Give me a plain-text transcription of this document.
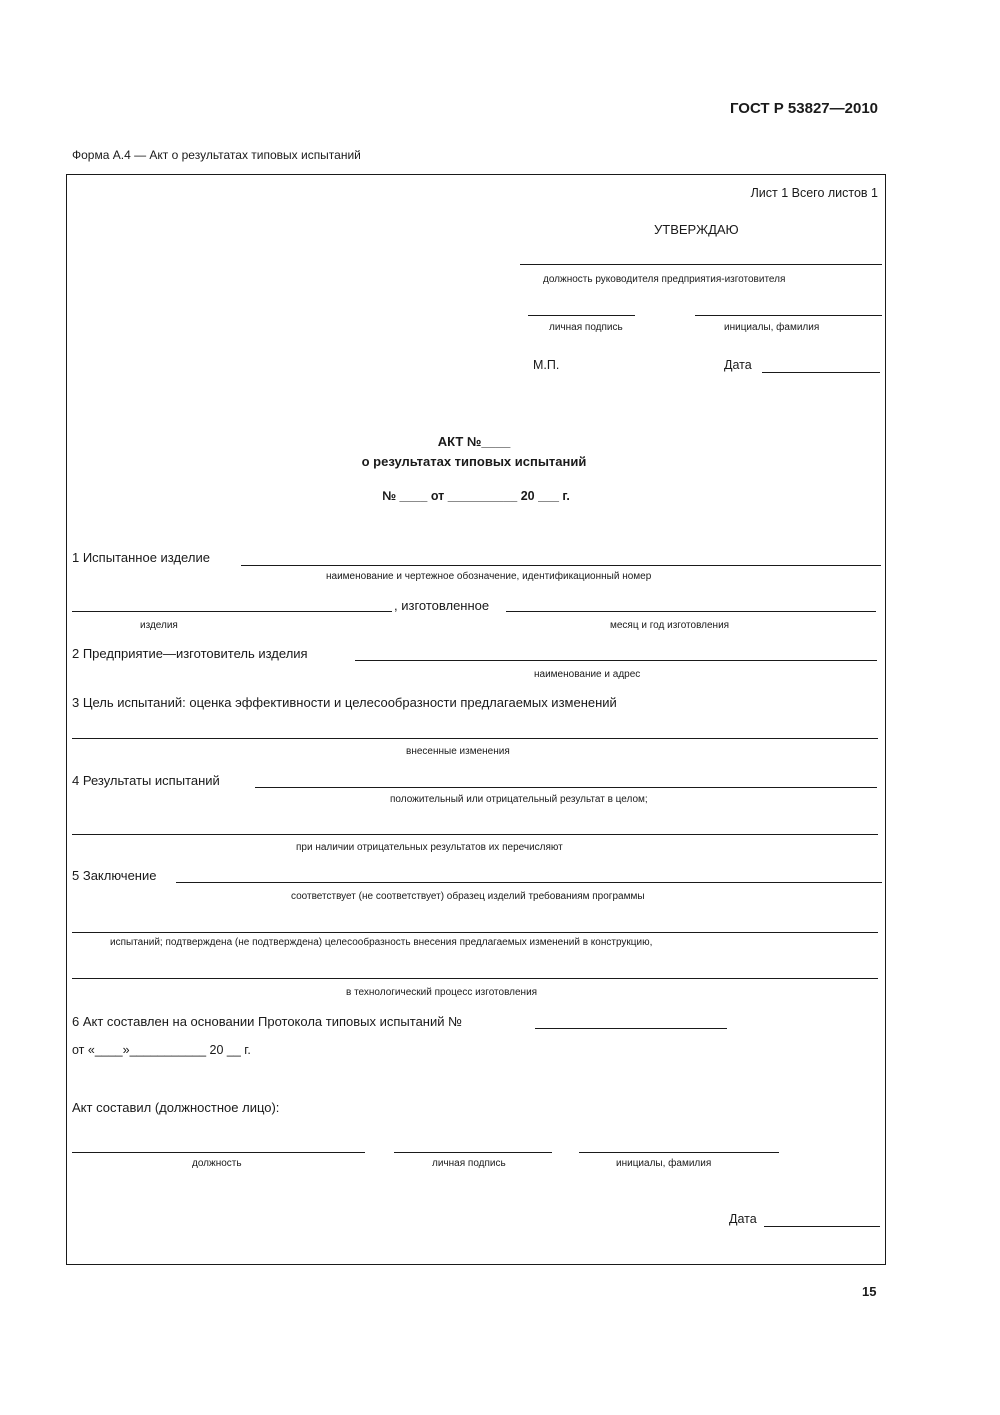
ГОСТ Р 53827—2010
Форма А.4 — Акт о результатах типовых испытаний
Лист 1 Всего листов 1
УТВЕРЖДАЮ
должность руководителя предприятия-изготовителя
личная подпись	инициалы, фамилия
М.П.	Дата
АКТ №____
о результатах типовых испытаний
№ ____ от __________ 20 ___ г.
1 Испытанное изделие
наименование и чертежное обозначение, идентификационный номер
, изготовленное
изделия	месяц и год изготовления
2 Предприятие—изготовитель изделия
наименование и адрес
3 Цель испытаний: оценка эффективности и целесообразности предлагаемых изменений
внесенные изменения
4 Результаты испытаний
положительный или отрицательный результат в целом;
при наличии отрицательных результатов их перечисляют
5 Заключение
соответствует (не соответствует) образец изделий требованиям программы
испытаний; подтверждена (не подтверждена) целесообразность внесения предлагаемых изменений в конструкцию,
в технологический процесс изготовления
6 Акт составлен на основании Протокола типовых испытаний №
от «____»___________ 20 __ г.
Акт составил (должностное лицо):
должность	личная подпись	инициалы, фамилия
Дата
15
